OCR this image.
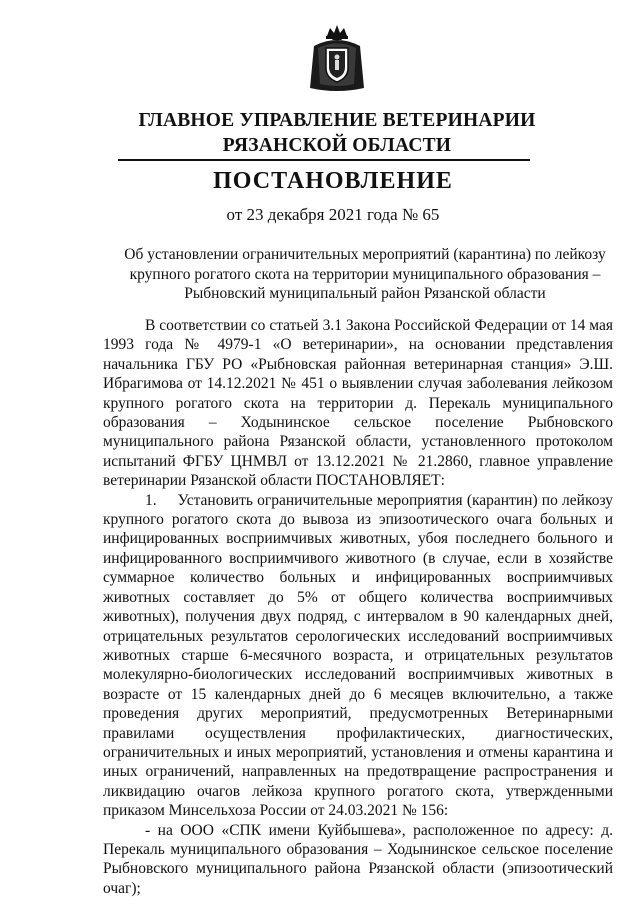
ГЛАВНОЕ УПРАВЛЕНИЕ ВЕТЕРИНАРИИ
РЯЗАНСКОЙ ОБЛАСТИ
ПОСТАНОВЛЕНИЕ
от 23 декабря 2021 года № 65
Об установлении ограничительных мероприятий (карантина) по лейкозу крупного рогатого скота на территории муниципального образования – Рыбновский муниципальный район Рязанской области

В соответствии со статьей 3.1 Закона Российской Федерации от 14 мая 1993 года № 4979-1 «О ветеринарии», на основании представления начальника ГБУ РО «Рыбновская районная ветеринарная станция» Э.Ш. Ибрагимова от 14.12.2021 № 451 о выявлении случая заболевания лейкозом крупного рогатого скота на территории д. Перекаль муниципального образования – Ходынинское сельское поселение Рыбновского муниципального района Рязанской области, установленного протоколом испытаний ФГБУ ЦНМВЛ от 13.12.2021 № 21.2860, главное управление ветеринарии Рязанской области ПОСТАНОВЛЯЕТ:

1.     Установить ограничительные мероприятия (карантин) по лейкозу крупного рогатого скота до вывоза из эпизоотического очага больных и инфицированных восприимчивых животных, убоя последнего больного и инфицированного восприимчивого животного (в случае, если в хозяйстве суммарное количество больных и инфицированных восприимчивых животных составляет до 5% от общего количества восприимчивых животных), получения двух подряд, с интервалом в 90 календарных дней, отрицательных результатов серологических исследований восприимчивых животных старше 6-месячного возраста, и отрицательных результатов молекулярно-биологических исследований восприимчивых животных в возрасте от 15 календарных дней до 6 месяцев включительно, а также проведения других мероприятий, предусмотренных Ветеринарными правилами осуществления профилактических, диагностических, ограничительных и иных мероприятий, установления и отмены карантина и иных ограничений, направленных на предотвращение распространения и ликвидацию очагов лейкоза крупного рогатого скота, утвержденными приказом Минсельхоза России от 24.03.2021 № 156:

- на ООО «СПК имени Куйбышева», расположенное по адресу: д. Перекаль муниципального образования – Ходынинское сельское поселение Рыбновского муниципального района Рязанской области (эпизоотический очаг);
